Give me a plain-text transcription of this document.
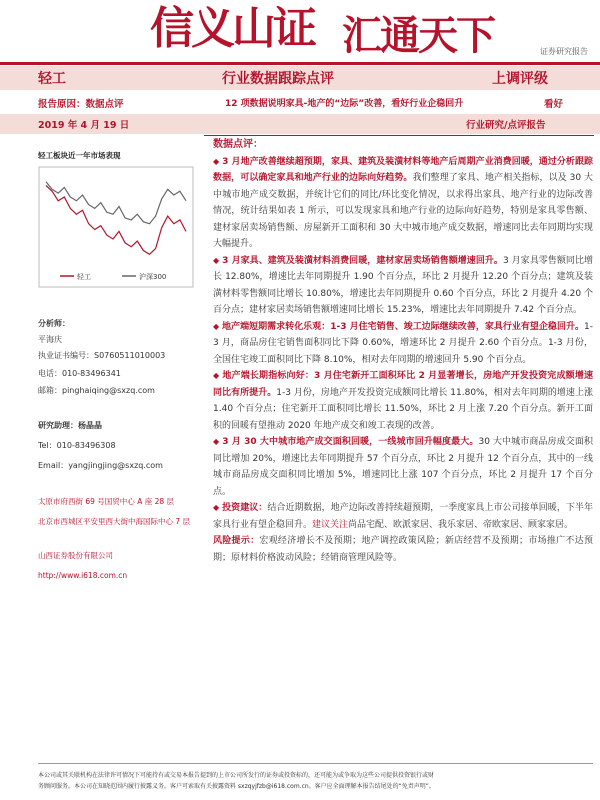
信义山证 汇通天下	证券研究报告
轻工	行业数据跟踪点评	上调评级
报告原因：数据点评	12 项数据说明家具-地产的“边际”改善，看好行业企稳回升	看好
2019 年 4 月 19 日	行业研究/点评报告
轻工板块近一年市场表现
轻工	沪深300
分析师：
平海庆
执业证书编号：S0760511010003
电话：010-83496341
邮箱：pinghaiqing@sxzq.com
研究助理：杨晶晶
Tel：010-83496308
Email：yangjingjing@sxzq.com
太原市府西街 69 号国贸中心 A 座 28 层
北京市西城区平安里西大街中海国际中心 7 层
山西证券股份有限公司
http://www.i618.com.cn
数据点评：
◆ 3 月地产改善继续超预期，家具、建筑及装潢材料等地产后周期产业消费回暖，通过分析跟踪数据，可以确定家具和地产行业的边际向好趋势。我们整理了家具、地产相关指标，以及 30 大中城市地产成交数据，并统计它们的同比/环比变化情况，以求得出家具、地产行业的边际改善情况，统计结果如表 1 所示，可以发现家具和地产行业的边际向好趋势，特别是家具零售额、建材家居卖场销售额、房屋新开工面积和 30 大中城市地产成交数据，增速同比去年同期均实现大幅提升。
◆ 3 月家具、建筑及装潢材料消费回暖，建材家居卖场销售额增速回升。3 月家具零售额同比增长 12.80%，增速比去年同期提升 1.90 个百分点，环比 2 月提升 12.20 个百分点；建筑及装潢材料零售额同比增长 10.80%，增速比去年同期提升 0.60 个百分点，环比 2 月提升 4.20 个百分点；建材家居卖场销售额增速同比增长 15.23%，增速比去年同期提升 7.42 个百分点。
◆ 地产端短期需求转化乐观：1-3 月住宅销售、竣工边际继续改善，家具行业有望企稳回升。1-3 月，商品房住宅销售面积同比下降 0.60%，增速环比 2 月提升 2.60 个百分点。1-3 月份，全国住宅竣工面积同比下降 8.10%，相对去年同期的增速回升 5.90 个百分点。
◆ 地产端长期指标向好：3 月住宅新开工面积环比 2 月显著增长，房地产开发投资完成额增速同比有所提升。1-3 月份，房地产开发投资完成额同比增长 11.80%，相对去年同期的增速上涨 1.40 个百分点；住宅新开工面积同比增长 11.50%，环比 2 月上涨 7.20 个百分点。新开工面积的回暖有望推动 2020 年地产成交和竣工表现的改善。
◆ 3 月 30 大中城市地产成交面积回暖，一线城市回升幅度最大。30 大中城市商品房成交面积同比增加 20%，增速比去年同期提升 57 个百分点，环比 2 月提升 12 个百分点，其中的一线城市商品房成交面积同比增加 5%，增速同比上涨 107 个百分点，环比 2 月提升 17 个百分点。
◆ 投资建议：结合近期数据，地产边际改善持续超预期，一季度家具上市公司接单回暖，下半年家具行业有望企稳回升。建议关注尚品宅配、欧派家居、我乐家居、帝欧家居、顾家家居。
风险提示：宏观经济增长不及预期；地产调控政策风险；新店经营不及预期；市场推广不达预期；原材料价格波动风险；经销商管理风险等。
本公司或其关联机构在法律许可情况下可能持有或交易本报告提到的上市公司所发行的证券或投资标的，还可能为或争取为这些公司提供投资银行或财
务顾问服务。本公司在知晓范围内履行披露义务。客户可索取有关披露资料 sxzqyjfzb@i618.com.cn。客户应全面理解本报告结尾处的“免责声明”。
